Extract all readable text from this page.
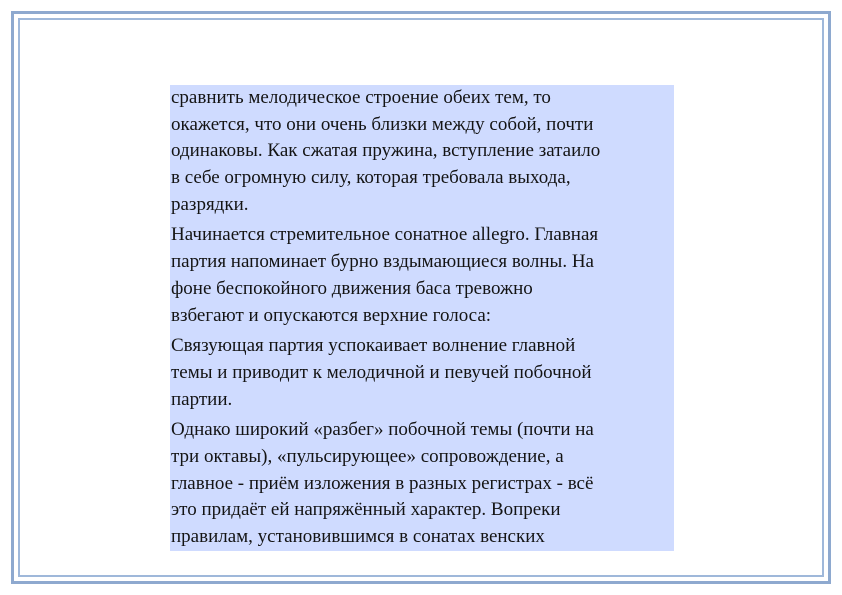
сравнить мелодическое строение обеих тем, то
окажется, что они очень близки между собой, почти
одинаковы. Как сжатая пружина, вступление затаило
в себе огромную силу, которая требовала выхода,
разрядки.

Начинается стремительное сонатное allegro. Главная
партия напоминает бурно вздымающиеся волны. На
фоне беспокойного движения баса тревожно
взбегают и опускаются верхние голоса:

Связующая партия успокаивает волнение главной
темы и приводит к мелодичной и певучей побочной
партии.

Однако широкий «разбег» побочной темы (почти на
три октавы), «пульсирующее» сопровождение, а
главное - приём изложения в разных регистрах - всё
это придаёт ей напряжённый характер. Вопреки
правилам, установившимся в сонатах венских
